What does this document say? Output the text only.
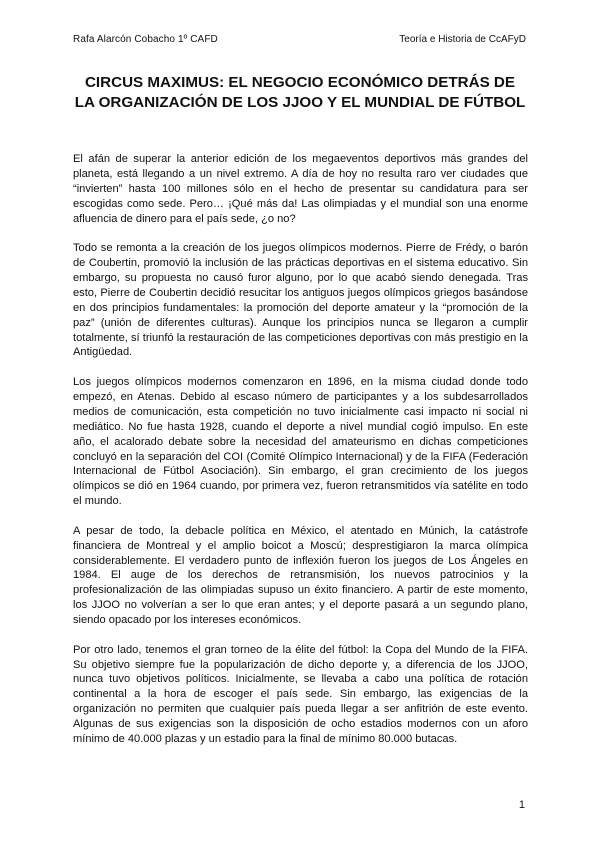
Rafa Alarcón Cobacho 1º CAFD	Teoría e Historia de CcAFyD
CIRCUS MAXIMUS: EL NEGOCIO ECONÓMICO DETRÁS DE LA ORGANIZACIÓN DE LOS JJOO Y EL MUNDIAL DE FÚTBOL

El afán de superar la anterior edición de los megaeventos deportivos más grandes del planeta, está llegando a un nivel extremo. A día de hoy no resulta raro ver ciudades que “invierten” hasta 100 millones sólo en el hecho de presentar su candidatura para ser escogidas como sede. Pero… ¡Qué más da! Las olimpiadas y el mundial son una enorme afluencia de dinero para el país sede, ¿o no?

Todo se remonta a la creación de los juegos olímpicos modernos. Pierre de Frédy, o barón de Coubertin, promovió la inclusión de las prácticas deportivas en el sistema educativo. Sin embargo, su propuesta no causó furor alguno, por lo que acabó siendo denegada. Tras esto, Pierre de Coubertin decidió resucitar los antiguos juegos olímpicos griegos basándose en dos principios fundamentales: la promoción del deporte amateur y la “promoción de la paz” (unión de diferentes culturas). Aunque los principios nunca se llegaron a cumplir totalmente, sí triunfó la restauración de las competiciones deportivas con más prestigio en la Antigüedad.

Los juegos olímpicos modernos comenzaron en 1896, en la misma ciudad donde todo empezó, en Atenas. Debido al escaso número de participantes y a los subdesarrollados medios de comunicación, esta competición no tuvo inicialmente casi impacto ni social ni mediático. No fue hasta 1928, cuando el deporte a nivel mundial cogió impulso. En este año, el acalorado debate sobre la necesidad del amateurismo en dichas competiciones concluyó en la separación del COI (Comité Olímpico Internacional) y de la FIFA (Federación Internacional de Fútbol Asociación). Sin embargo, el gran crecimiento de los juegos olímpicos se dió en 1964 cuando, por primera vez, fueron retransmitidos vía satélite en todo el mundo.

A pesar de todo, la debacle política en México, el atentado en Múnich, la catástrofe financiera de Montreal y el amplio boicot a Moscú; desprestigiaron la marca olímpica considerablemente. El verdadero punto de inflexión fueron los juegos de Los Ángeles en 1984. El auge de los derechos de retransmisión, los nuevos patrocinios y la profesionalización de las olimpiadas supuso un éxito financiero. A partir de este momento, los JJOO no volverían a ser lo que eran antes; y el deporte pasará a un segundo plano, siendo opacado por los intereses económicos.

Por otro lado, tenemos el gran torneo de la élite del fútbol: la Copa del Mundo de la FIFA. Su objetivo siempre fue la popularización de dicho deporte y, a diferencia de los JJOO, nunca tuvo objetivos políticos. Inicialmente, se llevaba a cabo una política de rotación continental a la hora de escoger el país sede. Sin embargo, las exigencias de la organización no permiten que cualquier país pueda llegar a ser anfitrión de este evento. Algunas de sus exigencias son la disposición de ocho estadios modernos con un aforo mínimo de 40.000 plazas y un estadio para la final de mínimo 80.000 butacas.

1
